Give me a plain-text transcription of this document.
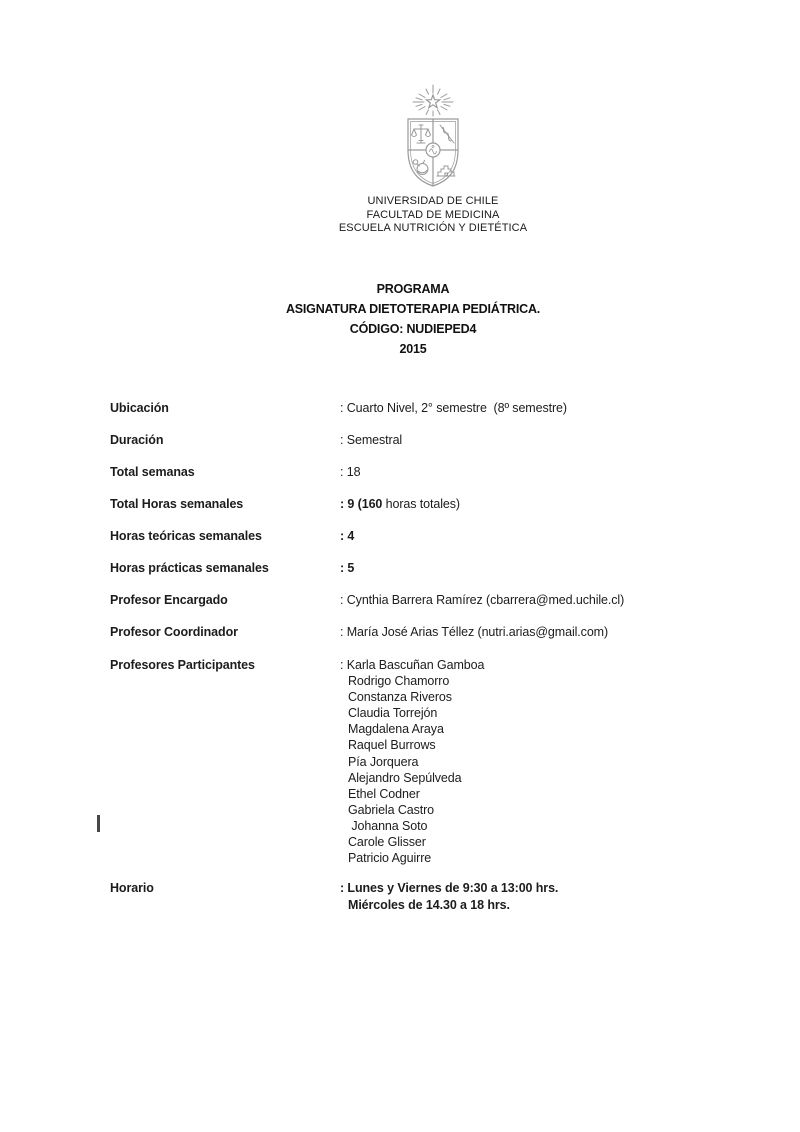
UNIVERSIDAD DE CHILE
FACULTAD DE MEDICINA
ESCUELA NUTRICIÓN Y DIETÉTICA
PROGRAMA
ASIGNATURA DIETOTERAPIA PEDIÁTRICA.
CÓDIGO: NUDIEPED4
2015
Ubicación	: Cuarto Nivel, 2° semestre  (8º semestre)
Duración	: Semestral
Total semanas	: 18
Total Horas semanales	: 9 (160 horas totales)
Horas teóricas semanales	: 4
Horas prácticas semanales	: 5
Profesor Encargado	: Cynthia Barrera Ramírez (cbarrera@med.uchile.cl)
Profesor Coordinador	: María José Arias Téllez (nutri.arias@gmail.com)
Profesores Participantes	: Karla Bascuñan Gamboa
Rodrigo Chamorro
Constanza Riveros
Claudia Torrejón
Magdalena Araya
Raquel Burrows
Pía Jorquera
Alejandro Sepúlveda
Ethel Codner
Gabriela Castro
Johanna Soto
Carole Glisser
Patricio Aguirre
Horario	: Lunes y Viernes de 9:30 a 13:00 hrs.
Miércoles de 14.30 a 18 hrs.
